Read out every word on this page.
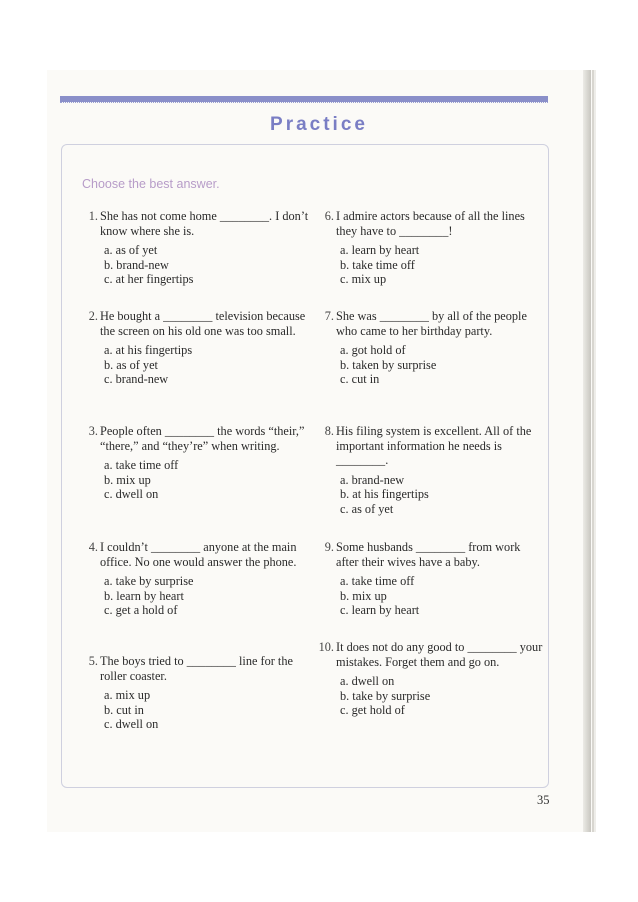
Practice
Choose the best answer.
1. She has not come home ________. I don’t know where she is.
a. as of yet
b. brand-new
c. at her fingertips
2. He bought a ________ television because the screen on his old one was too small.
a. at his fingertips
b. as of yet
c. brand-new
3. People often ________ the words “their,” “there,” and “they’re” when writing.
a. take time off
b. mix up
c. dwell on
4. I couldn’t ________ anyone at the main office. No one would answer the phone.
a. take by surprise
b. learn by heart
c. get a hold of
5. The boys tried to ________ line for the roller coaster.
a. mix up
b. cut in
c. dwell on
6. I admire actors because of all the lines they have to ________!
a. learn by heart
b. take time off
c. mix up
7. She was ________ by all of the people who came to her birthday party.
a. got hold of
b. taken by surprise
c. cut in
8. His filing system is excellent. All of the important information he needs is ________.
a. brand-new
b. at his fingertips
c. as of yet
9. Some husbands ________ from work after their wives have a baby.
a. take time off
b. mix up
c. learn by heart
10. It does not do any good to ________ your mistakes. Forget them and go on.
a. dwell on
b. take by surprise
c. get hold of
35
